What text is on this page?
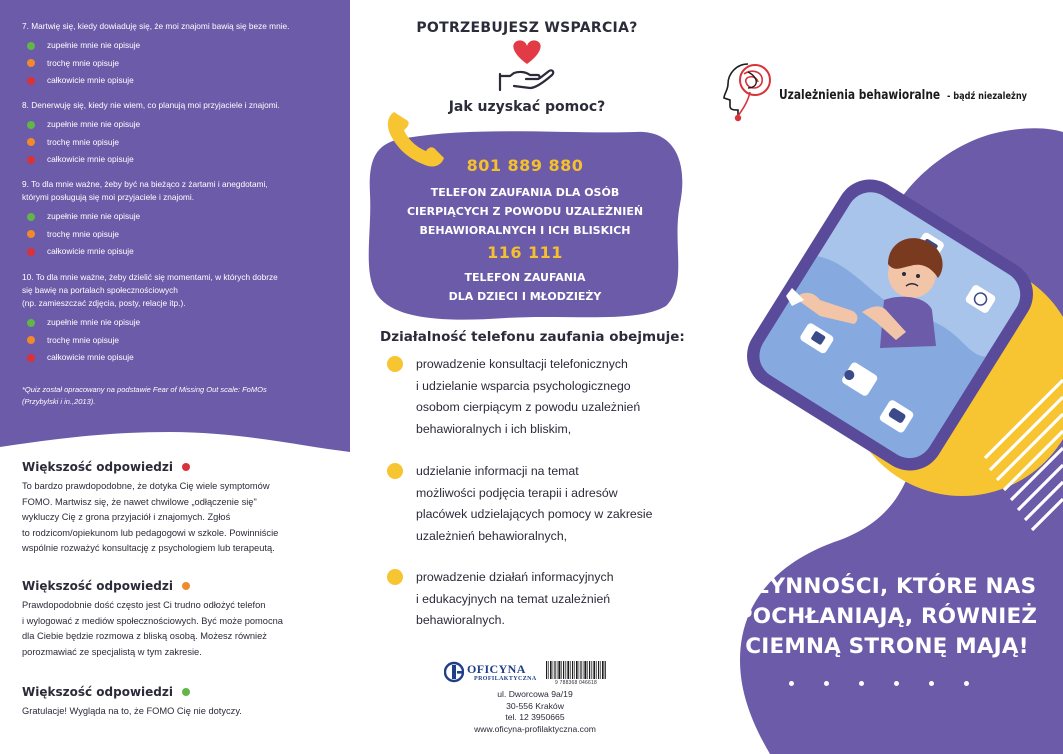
7. Martwię się, kiedy dowiaduję się, że moi znajomi bawią się beze mnie.
zupełnie mnie nie opisuje
trochę mnie opisuje
całkowicie mnie opisuje
8. Denerwuję się, kiedy nie wiem, co planują moi przyjaciele i znajomi.
zupełnie mnie nie opisuje
trochę mnie opisuje
całkowicie mnie opisuje
9. To dla mnie ważne, żeby być na bieżąco z żartami i anegdotami,
którymi posługują się moi przyjaciele i znajomi.
zupełnie mnie nie opisuje
trochę mnie opisuje
całkowicie mnie opisuje
10. To dla mnie ważne, żeby dzielić się momentami, w których dobrze
się bawię na portalach społecznościowych
(np. zamieszczać zdjęcia, posty, relacje itp.).
zupełnie mnie nie opisuje
trochę mnie opisuje
całkowicie mnie opisuje
*Quiz został opracowany na podstawie Fear of Missing Out scale: FoMOs
(Przybylski i in.,2013).
Większość odpowiedzi
To bardzo prawdopodobne, że dotyka Cię wiele symptomów
FOMO. Martwisz się, że nawet chwilowe „odłączenie się"
wykluczy Cię z grona przyjaciół i znajomych. Zgłoś
to rodzicom/opiekunom lub pedagogowi w szkole. Powinniście
wspólnie rozważyć konsultację z psychologiem lub terapeutą.
Większość odpowiedzi
Prawdopodobnie dość często jest Ci trudno odłożyć telefon
i wylogować z mediów społecznościowych. Być może pomocna
dla Ciebie będzie rozmowa z bliską osobą. Możesz również
porozmawiać ze specjalistą w tym zakresie.
Większość odpowiedzi
Gratulacje! Wygląda na to, że FOMO Cię nie dotyczy.
POTRZEBUJESZ WSPARCIA?
Jak uzyskać pomoc?
801 889 880
TELEFON ZAUFANIA DLA OSÓB
CIERPIĄCYCH Z POWODU UZALEŻNIEŃ
BEHAWIORALNYCH I ICH BLISKICH
116 111
TELEFON ZAUFANIA
DLA DZIECI I MŁODZIEŻY
Działalność telefonu zaufania obejmuje:
prowadzenie konsultacji telefonicznych
i udzielanie wsparcia psychologicznego
osobom cierpiącym z powodu uzależnień
behawioralnych i ich bliskim,
udzielanie informacji na temat
możliwości podjęcia terapii i adresów
placówek udzielających pomocy w zakresie
uzależnień behawioralnych,
prowadzenie działań informacyjnych
i edukacyjnych na temat uzależnień
behawioralnych.
OFICYNA
PROFILAKTYCZNA
9 788368 046618
ul. Dworcowa 9a/19
30-556 Kraków
tel. 12 3950665
www.oficyna-profilaktyczna.com
Uzależnienia behawioralne - bądź niezależny
CZYNNOŚCI, KTÓRE NAS
POCHŁANIAJĄ, RÓWNIEŻ
CIEMNĄ STRONĘ MAJĄ!
